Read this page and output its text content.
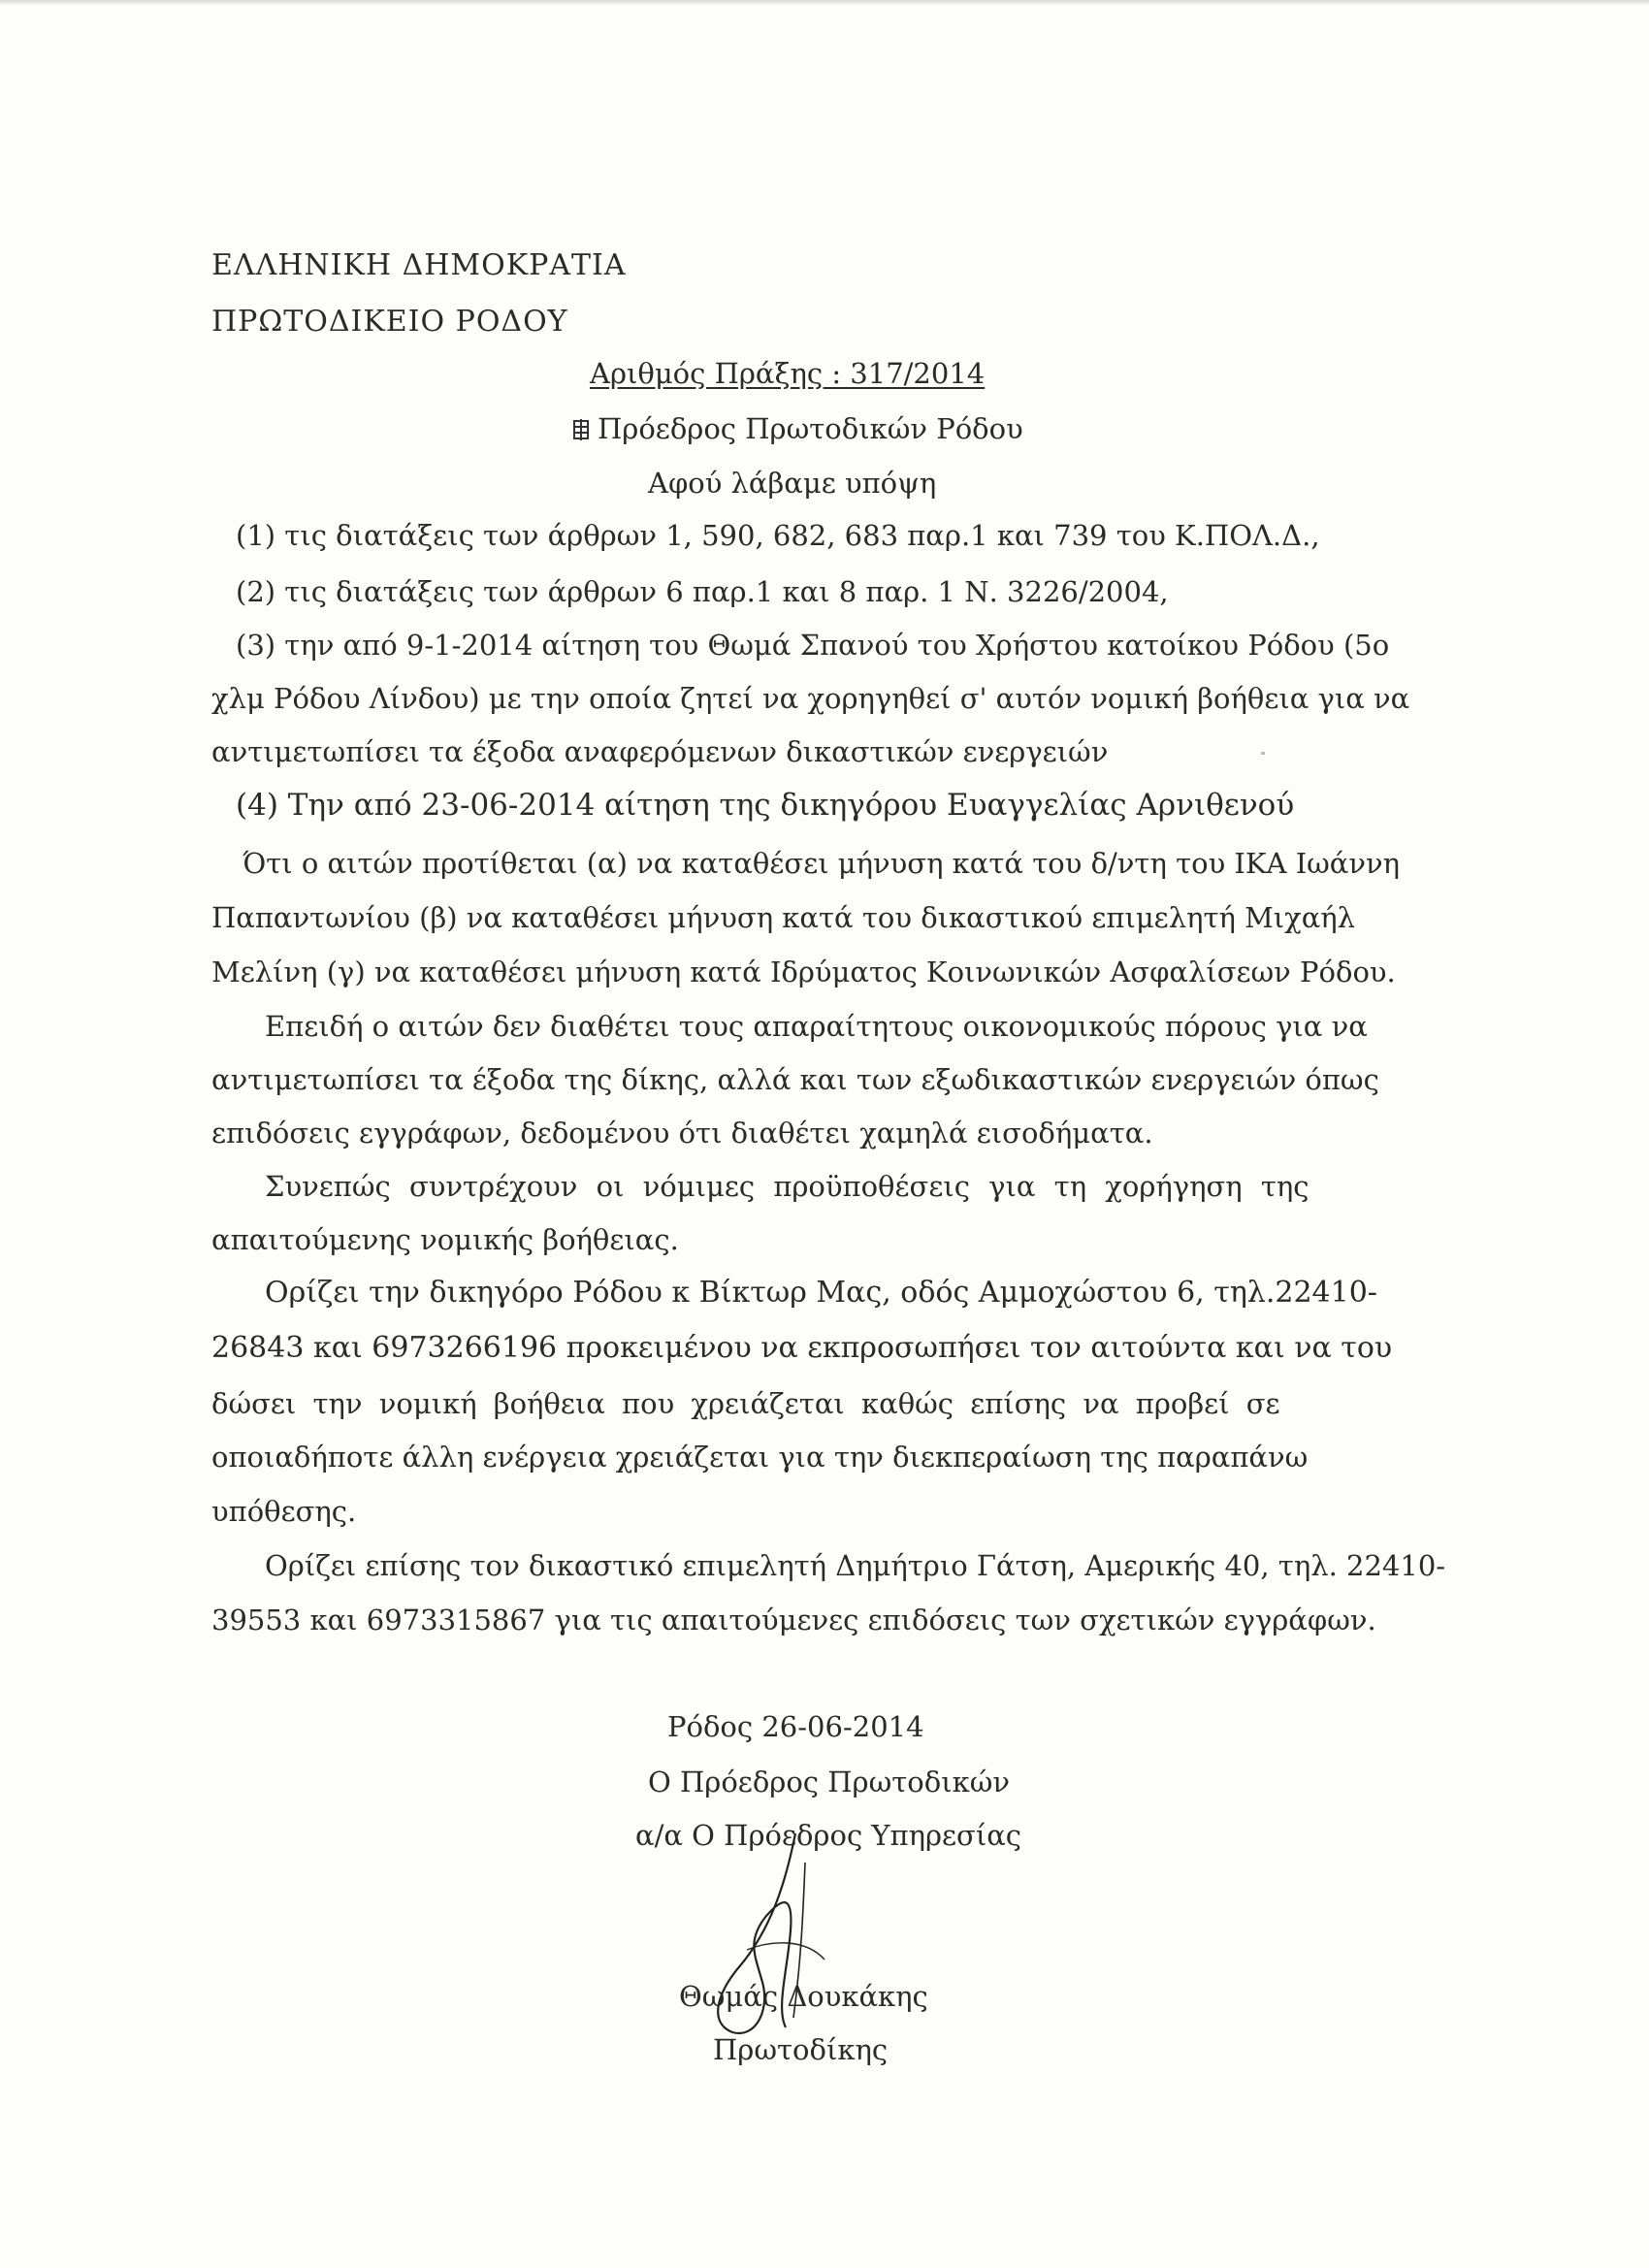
ΕΛΛΗΝΙΚΗ ΔΗΜΟΚΡΑΤΙΑ
ΠΡΩΤΟΔΙΚΕΙΟ ΡΟΔΟΥ
Αριθμός Πράξης : 317/2014
Πρόεδρος Πρωτοδικών Ρόδου
Αφού λάβαμε υπόψη
(1) τις διατάξεις των άρθρων 1, 590, 682, 683 παρ.1 και 739 του Κ.ΠΟΛ.Δ.,
(2) τις διατάξεις των άρθρων 6 παρ.1 και 8 παρ. 1 Ν. 3226/2004,
(3) την από 9-1-2014 αίτηση του Θωμά Σπανού του Χρήστου κατοίκου Ρόδου (5ο
χλμ Ρόδου Λίνδου) με την οποία ζητεί να χορηγηθεί σ' αυτόν νομική βοήθεια για να
αντιμετωπίσει τα έξοδα αναφερόμενων δικαστικών ενεργειών
(4) Την από 23-06-2014 αίτηση της δικηγόρου Ευαγγελίας Αρνιθενού
Ότι ο αιτών προτίθεται (α) να καταθέσει μήνυση κατά του δ/ντη του ΙΚΑ Ιωάννη
Παπαντωνίου (β) να καταθέσει μήνυση κατά του δικαστικού επιμελητή Μιχαήλ
Μελίνη (γ) να καταθέσει μήνυση κατά Ιδρύματος Κοινωνικών Ασφαλίσεων Ρόδου.
Επειδή ο αιτών δεν διαθέτει τους απαραίτητους οικονομικούς πόρους για να
αντιμετωπίσει τα έξοδα της δίκης, αλλά και των εξωδικαστικών ενεργειών όπως
επιδόσεις εγγράφων, δεδομένου ότι διαθέτει χαμηλά εισοδήματα.
Συνεπώς συντρέχουν οι νόμιμες προϋποθέσεις για τη χορήγηση της
απαιτούμενης νομικής βοήθειας.
Ορίζει την δικηγόρο Ρόδου κ Βίκτωρ Μας, οδός Αμμοχώστου 6, τηλ.22410-
26843 και 6973266196 προκειμένου να εκπροσωπήσει τον αιτούντα και να του
δώσει την νομική βοήθεια που χρειάζεται καθώς επίσης να προβεί σε
οποιαδήποτε άλλη ενέργεια χρειάζεται για την διεκπεραίωση της παραπάνω
υπόθεσης.
Ορίζει επίσης τον δικαστικό επιμελητή Δημήτριο Γάτση, Αμερικής 40, τηλ. 22410-
39553 και 6973315867 για τις απαιτούμενες επιδόσεις των σχετικών εγγράφων.
Ρόδος 26-06-2014
Ο Πρόεδρος Πρωτοδικών
α/α Ο Πρόεδρος Υπηρεσίας
Θωμάς Δουκάκης
Πρωτοδίκης
